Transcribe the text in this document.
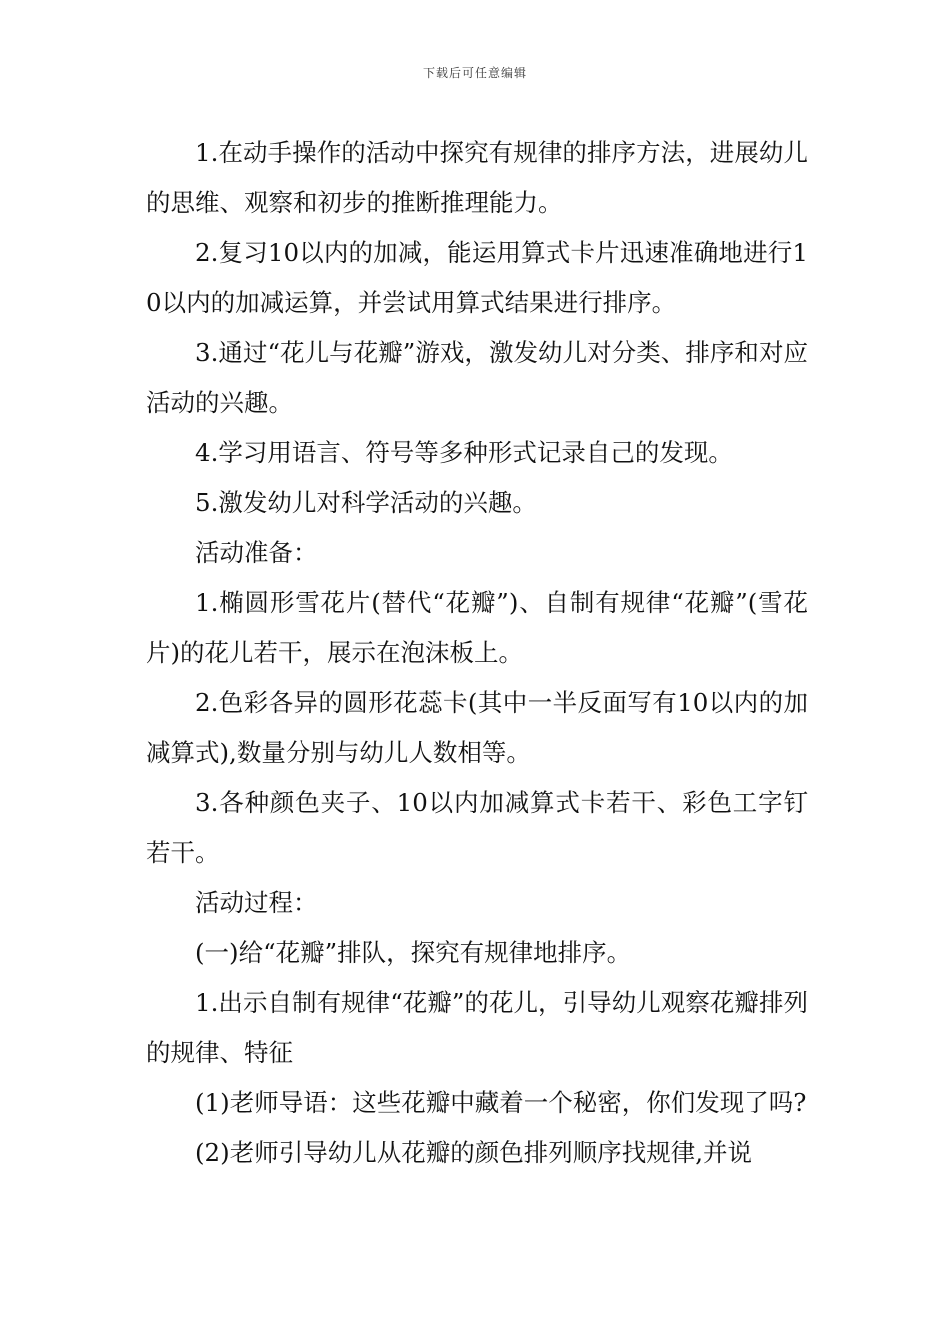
下载后可任意编辑

1.在动手操作的活动中探究有规律的排序方法，进展幼儿的思维、观察和初步的推断推理能力。

2.复习10以内的加减，能运用算式卡片迅速准确地进行10以内的加减运算，并尝试用算式结果进行排序。

3.通过“花儿与花瓣”游戏，激发幼儿对分类、排序和对应活动的兴趣。

4.学习用语言、符号等多种形式记录自己的发现。

5.激发幼儿对科学活动的兴趣。

活动准备：

1.椭圆形雪花片(替代“花瓣”)、自制有规律“花瓣”(雪花片)的花儿若干，展示在泡沫板上。

2.色彩各异的圆形花蕊卡(其中一半反面写有10以内的加减算式),数量分别与幼儿人数相等。

3.各种颜色夹子、10以内加减算式卡若干、彩色工字钉若干。

活动过程：

(一)给“花瓣”排队，探究有规律地排序。

1.出示自制有规律“花瓣”的花儿，引导幼儿观察花瓣排列的规律、特征

(1)老师导语：这些花瓣中藏着一个秘密，你们发现了吗?

(2)老师引导幼儿从花瓣的颜色排列顺序找规律,并说
